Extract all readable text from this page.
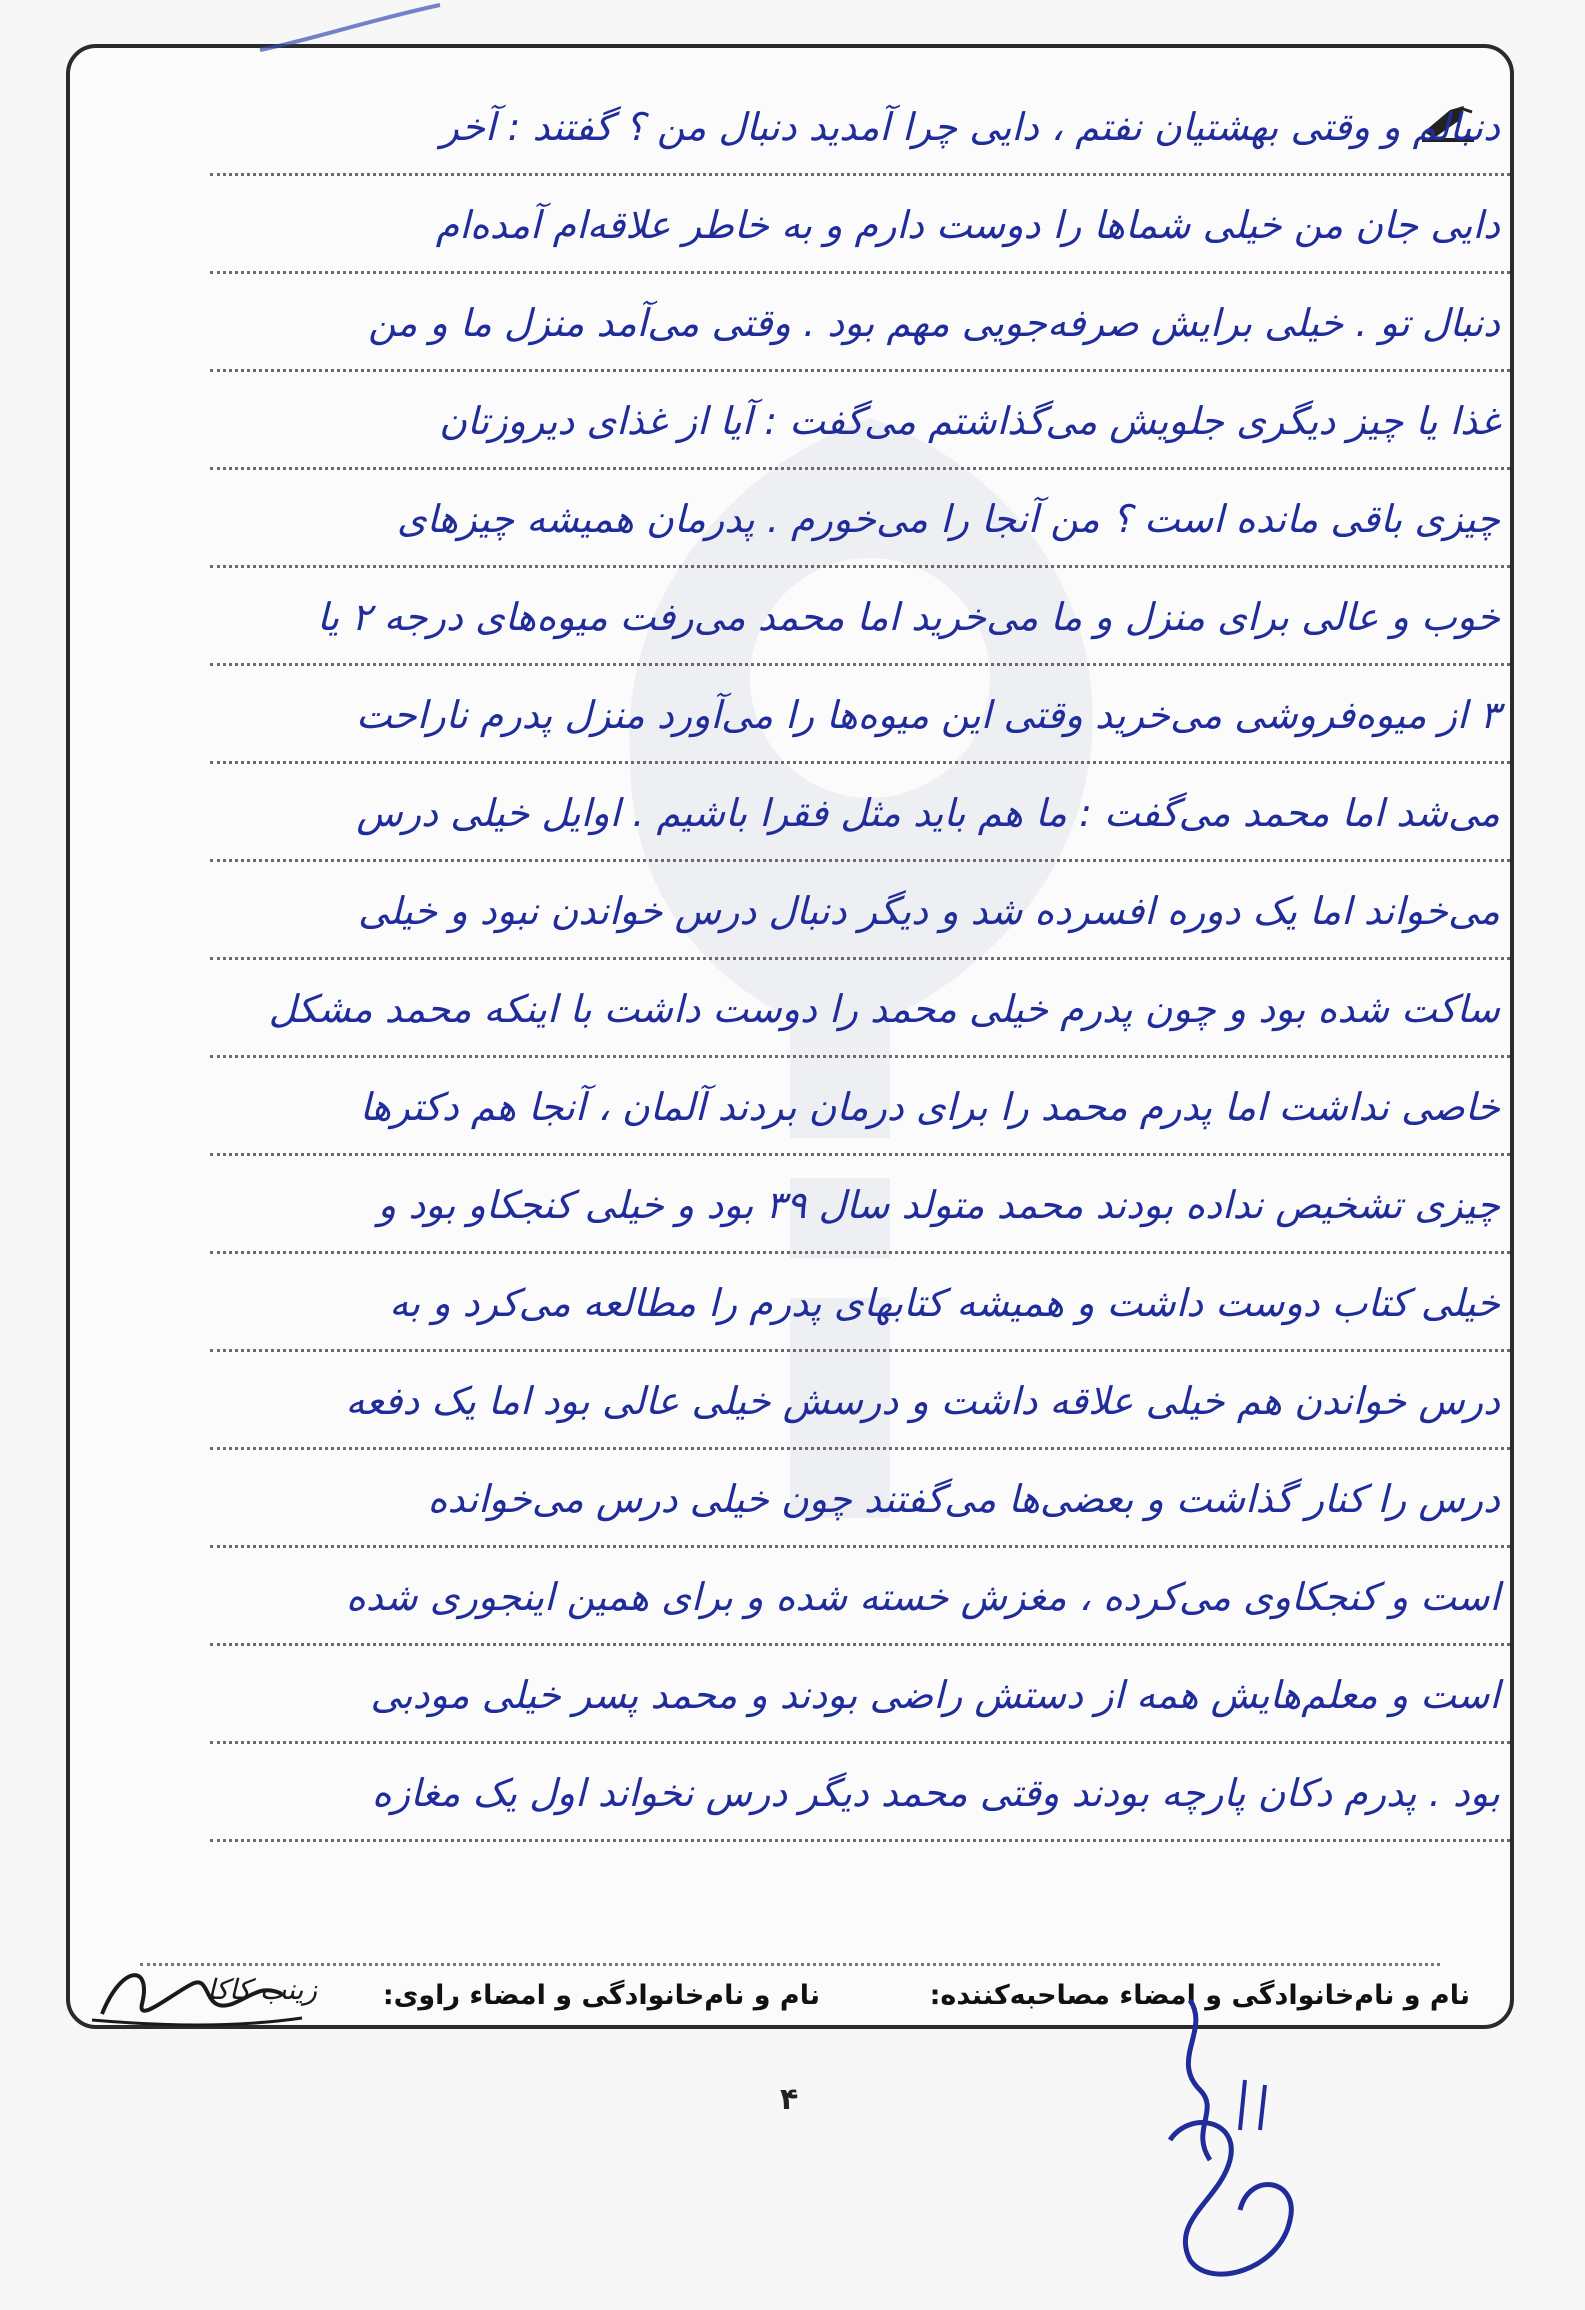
دنبالم و وقتی بهشتیان نفتم ، دایی چرا آمدید دنبال من ؟ گفتند : آخر
دایی جان من خیلی شماها را دوست دارم و به خاطر علاقه‌ام آمده‌ام
دنبال تو . خیلی برایش صرفه‌جویی مهم بود . وقتی می‌آمد منزل ما و من
غذا یا چیز دیگری جلویش می‌گذاشتم می‌گفت : آیا از غذای دیروزتان
چیزی باقی مانده است ؟ من آنجا را می‌خورم . پدرمان همیشه چیزهای
خوب و عالی برای منزل و ما می‌خرید اما محمد می‌رفت میوه‌های درجه ۲ یا
۳ از میوه‌فروشی می‌خرید وقتی این میوه‌ها را می‌آورد منزل پدرم ناراحت
می‌شد اما محمد می‌گفت : ما هم باید مثل فقرا باشیم . اوایل خیلی درس
می‌خواند اما یک دوره افسرده شد و دیگر دنبال درس خواندن نبود و خیلی
ساکت شده بود و چون پدرم خیلی محمد را دوست داشت با اینکه محمد مشکل
خاصی نداشت اما پدرم محمد را برای درمان بردند آلمان ، آنجا هم دکترها
چیزی تشخیص نداده بودند محمد متولد سال ۳۹ بود و خیلی کنجکاو بود و
خیلی کتاب دوست داشت و همیشه کتابهای پدرم را مطالعه می‌کرد و به
درس خواندن هم خیلی علاقه داشت و درسش خیلی عالی بود اما یک دفعه
درس را کنار گذاشت و بعضی‌ها می‌گفتند چون خیلی درس می‌خوانده
است و کنجکاوی می‌کرده ، مغزش خسته شده و برای همین اینجوری شده
است و معلم‌هایش همه از دستش راضی بودند و محمد پسر خیلی مودبی
بود . پدرم دکان پارچه بودند وقتی محمد دیگر درس نخواند اول یک مغازه
نام و نام‌خانوادگی و امضاء مصاحبه‌کننده:
نام و نام‌خانوادگی و امضاء راوی:
زینب کاکا
۴
